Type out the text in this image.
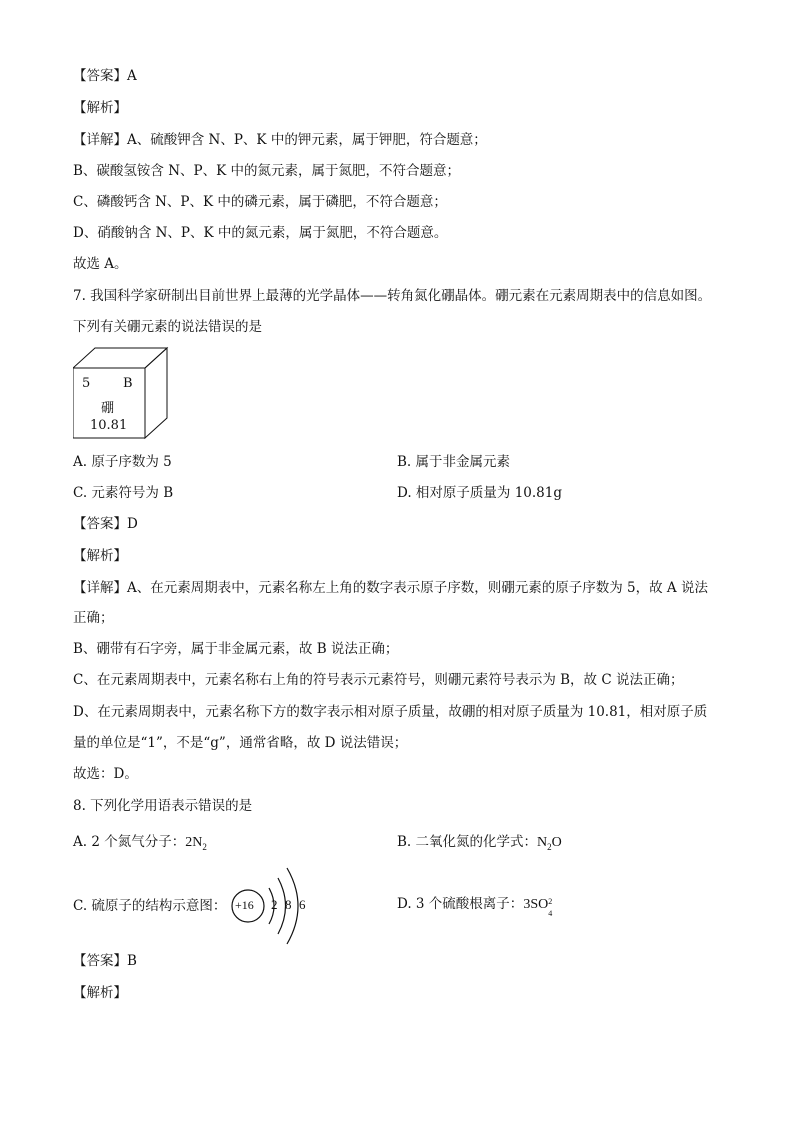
【答案】A
【解析】
【详解】A、硫酸钾含 N、P、K 中的钾元素，属于钾肥，符合题意；
B、碳酸氢铵含 N、P、K 中的氮元素，属于氮肥，不符合题意；
C、磷酸钙含 N、P、K 中的磷元素，属于磷肥，不符合题意；
D、硝酸钠含 N、P、K 中的氮元素，属于氮肥，不符合题意。
故选 A。
7. 我国科学家研制出目前世界上最薄的光学晶体——转角氮化硼晶体。硼元素在元素周期表中的信息如图。
下列有关硼元素的说法错误的是
5	B
硼
10.81
A. 原子序数为 5	B. 属于非金属元素
C. 元素符号为 B	D. 相对原子质量为 10.81g
【答案】D
【解析】
【详解】A、在元素周期表中，元素名称左上角的数字表示原子序数，则硼元素的原子序数为 5，故 A 说法
正确；
B、硼带有石字旁，属于非金属元素，故 B 说法正确；
C、在元素周期表中，元素名称右上角的符号表示元素符号，则硼元素符号表示为 B，故 C 说法正确；
D、在元素周期表中，元素名称下方的数字表示相对原子质量，故硼的相对原子质量为 10.81，相对原子质
量的单位是“1”，不是“g”，通常省略，故 D 说法错误；
故选：D。
8. 下列化学用语表示错误的是
A. 2 个氮气分子：$2N_2$	B. 二氧化氮的化学式：$N_2O$
C. 硫原子的结构示意图： +16 2 8 6	D. 3 个硫酸根离子：3SO 2
4
【答案】B
【解析】
